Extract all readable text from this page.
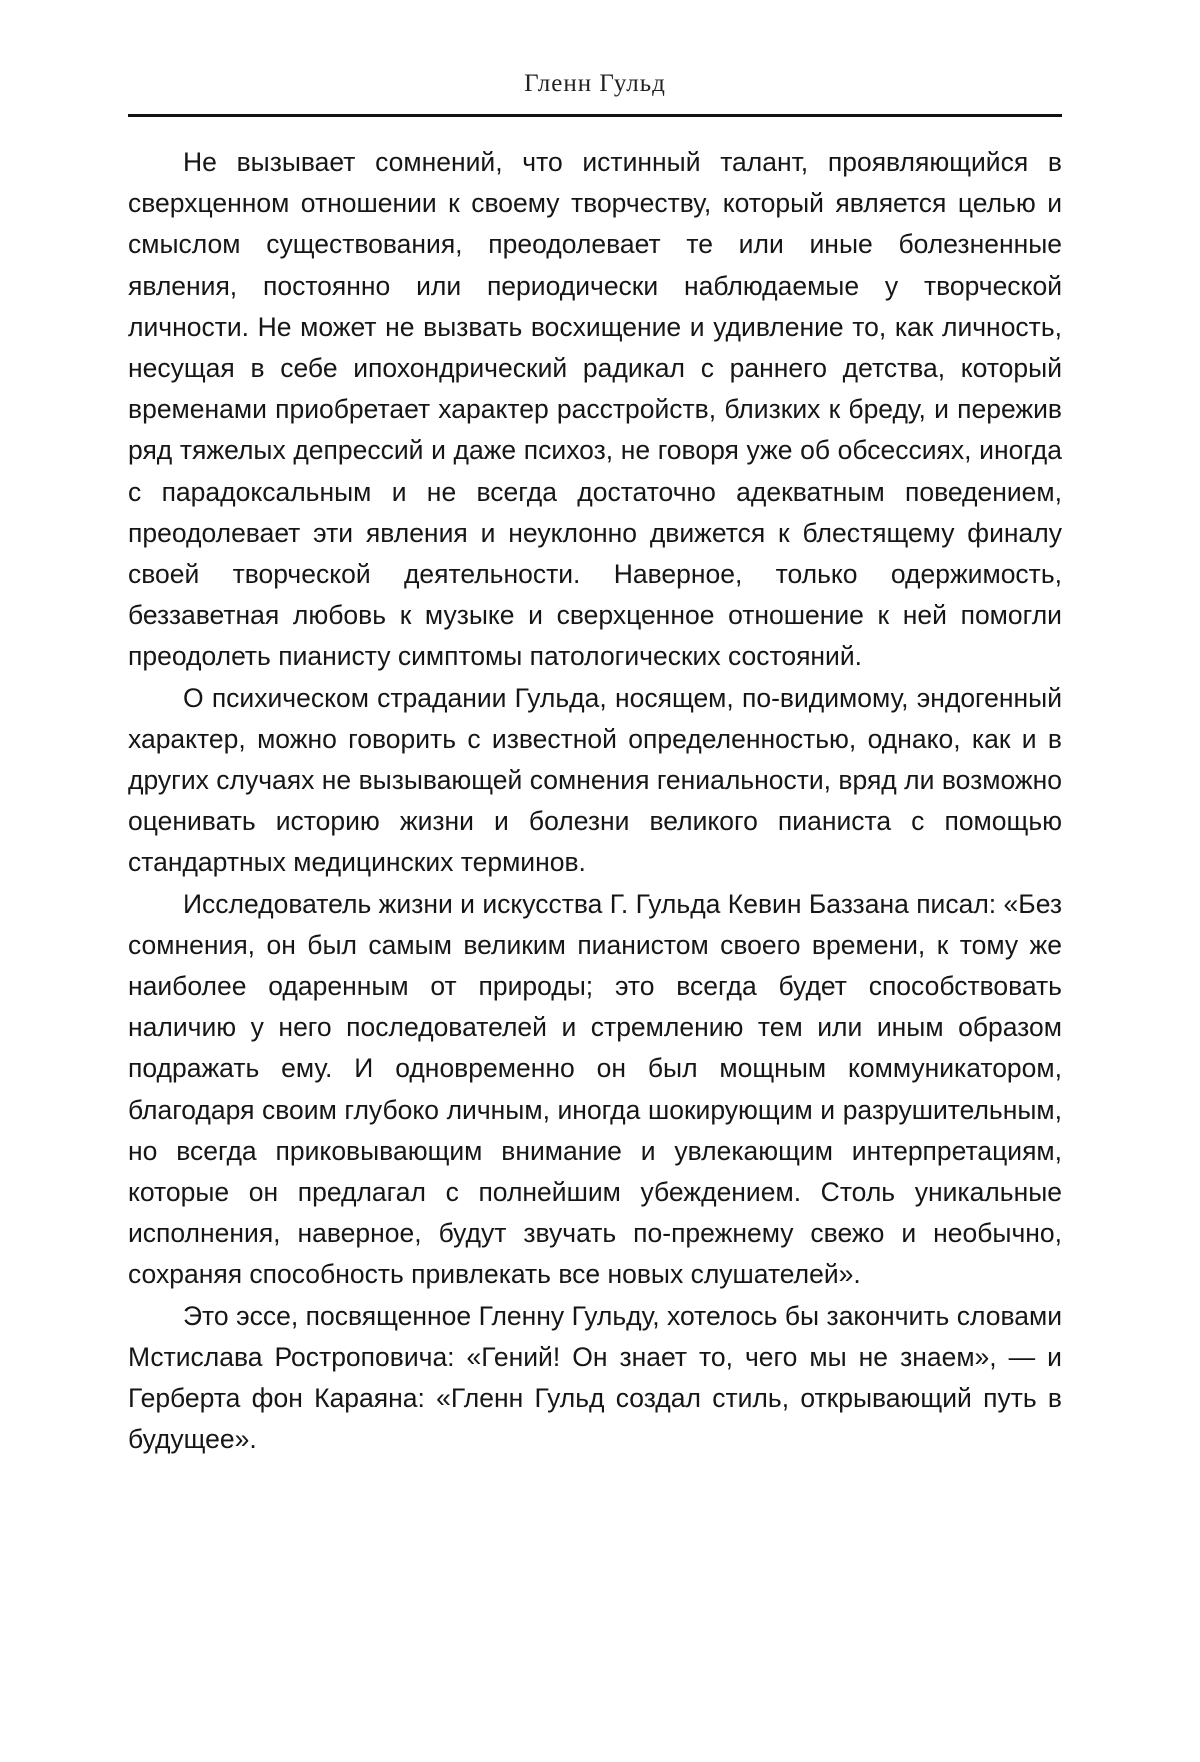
Гленн Гульд

Не вызывает сомнений, что истинный талант, проявляющийся в сверхценном отношении к своему творчеству, который является целью и смыслом существования, преодолевает те или иные болезненные явления, постоянно или периодически наблюдаемые у творческой личности. Не может не вызвать восхищение и удивление то, как личность, несущая в себе ипохондрический радикал с раннего детства, который временами приобретает характер расстройств, близких к бреду, и пережив ряд тяжелых депрессий и даже психоз, не говоря уже об обсессиях, иногда с парадоксальным и не всегда достаточно адекватным поведением, преодолевает эти явления и неуклонно движется к блестящему финалу своей творческой деятельности. Наверное, только одержимость, беззаветная любовь к музыке и сверхценное отношение к ней помогли преодолеть пианисту симптомы патологических состояний.

О психическом страдании Гульда, носящем, по-видимому, эндогенный характер, можно говорить с известной определенностью, однако, как и в других случаях не вызывающей сомнения гениальности, вряд ли возможно оценивать историю жизни и болезни великого пианиста с помощью стандартных медицинских терминов.

Исследователь жизни и искусства Г. Гульда Кевин Баззана писал: «Без сомнения, он был самым великим пианистом своего времени, к тому же наиболее одаренным от природы; это всегда будет способствовать наличию у него последователей и стремлению тем или иным образом подражать ему. И одновременно он был мощным коммуникатором, благодаря своим глубоко личным, иногда шокирующим и разрушительным, но всегда приковывающим внимание и увлекающим интерпретациям, которые он предлагал с полнейшим убеждением. Столь уникальные исполнения, наверное, будут звучать по-прежнему свежо и необычно, сохраняя способность привлекать все новых слушателей».

Это эссе, посвященное Гленну Гульду, хотелось бы закончить словами Мстислава Ростроповича: «Гений! Он знает то, чего мы не знаем», — и Герберта фон Караяна: «Гленн Гульд создал стиль, открывающий путь в будущее».
